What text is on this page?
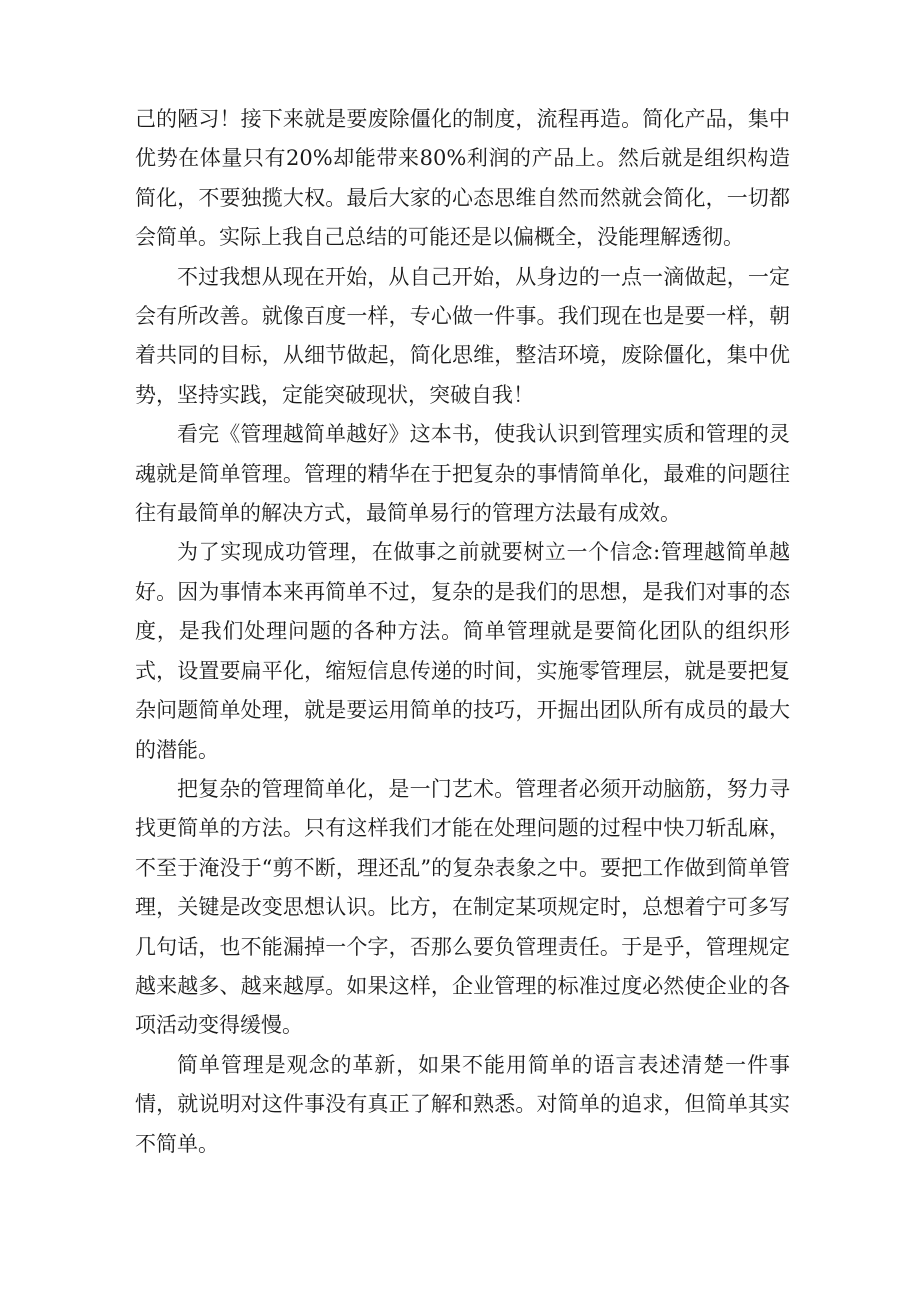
己的陋习！接下来就是要废除僵化的制度，流程再造。简化产品，集中优势在体量只有20%却能带来80%利润的产品上。然后就是组织构造简化，不要独揽大权。最后大家的心态思维自然而然就会简化，一切都会简单。实际上我自己总结的可能还是以偏概全，没能理解透彻。

不过我想从现在开始，从自己开始，从身边的一点一滴做起，一定会有所改善。就像百度一样，专心做一件事。我们现在也是要一样，朝着共同的目标，从细节做起，简化思维，整洁环境，废除僵化，集中优势，坚持实践，定能突破现状，突破自我！

看完《管理越简单越好》这本书，使我认识到管理实质和管理的灵魂就是简单管理。管理的精华在于把复杂的事情简单化，最难的问题往往有最简单的解决方式，最简单易行的管理方法最有成效。

为了实现成功管理，在做事之前就要树立一个信念:管理越简单越好。因为事情本来再简单不过，复杂的是我们的思想，是我们对事的态度，是我们处理问题的各种方法。简单管理就是要简化团队的组织形式，设置要扁平化，缩短信息传递的时间，实施零管理层，就是要把复杂问题简单处理，就是要运用简单的技巧，开掘出团队所有成员的最大的潜能。

把复杂的管理简单化，是一门艺术。管理者必须开动脑筋，努力寻找更简单的方法。只有这样我们才能在处理问题的过程中快刀斩乱麻，不至于淹没于“剪不断，理还乱”的复杂表象之中。要把工作做到简单管理，关键是改变思想认识。比方，在制定某项规定时，总想着宁可多写几句话，也不能漏掉一个字，否那么要负管理责任。于是乎，管理规定越来越多、越来越厚。如果这样，企业管理的标准过度必然使企业的各项活动变得缓慢。

简单管理是观念的革新，如果不能用简单的语言表述清楚一件事情，就说明对这件事没有真正了解和熟悉。对简单的追求，但简单其实不简单。
